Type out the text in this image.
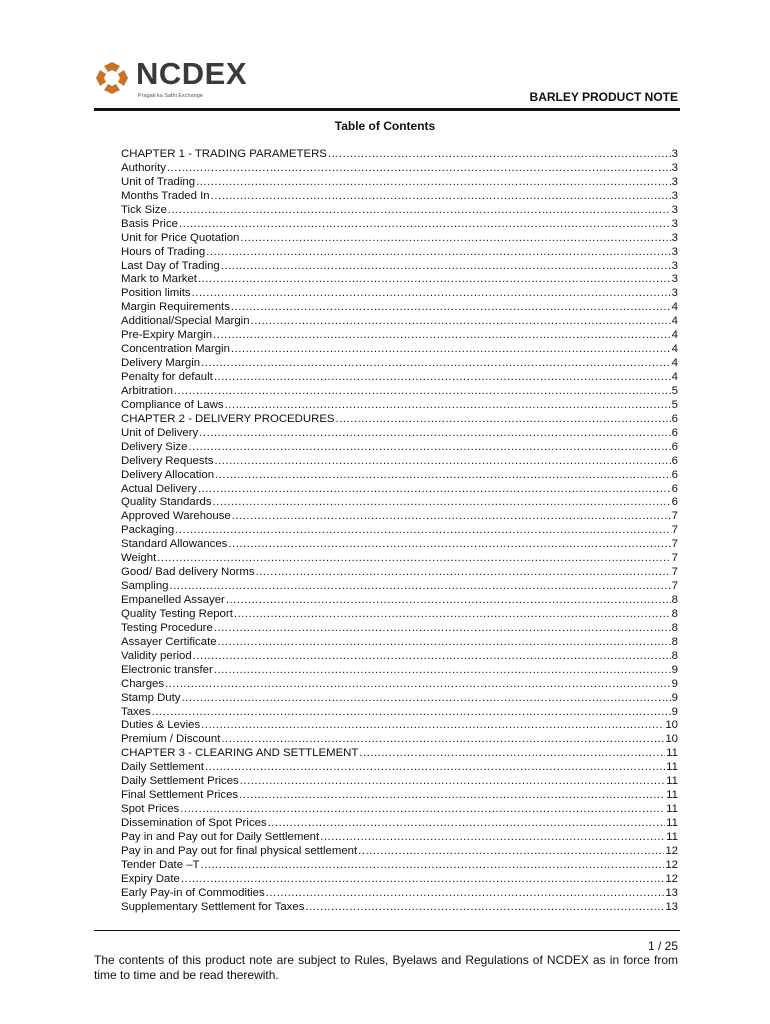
NCDEX
Pragati ka Sathi Exchange	BARLEY PRODUCT NOTE
Table of Contents
CHAPTER 1 - TRADING PARAMETERS .....	3
Authority .....	3
Unit of Trading .....	3
Months Traded In .....	3
Tick Size .....	3
Basis Price .....	3
Unit for Price Quotation .....	3
Hours of Trading .....	3
Last Day of Trading .....	3
Mark to Market .....	3
Position limits .....	3
Margin Requirements .....	4
Additional/Special Margin .....	4
Pre-Expiry Margin .....	4
Concentration Margin .....	4
Delivery Margin .....	4
Penalty for default .....	4
Arbitration .....	5
Compliance of Laws .....	5
CHAPTER 2 - DELIVERY PROCEDURES .....	6
Unit of Delivery .....	6
Delivery Size .....	6
Delivery Requests .....	6
Delivery Allocation .....	6
Actual Delivery .....	6
Quality Standards .....	6
Approved Warehouse .....	7
Packaging .....	7
Standard Allowances .....	7
Weight .....	7
Good/ Bad delivery Norms .....	7
Sampling .....	7
Empanelled Assayer .....	8
Quality Testing Report .....	8
Testing Procedure .....	8
Assayer Certificate .....	8
Validity period .....	8
Electronic transfer .....	9
Charges .....	9
Stamp Duty .....	9
Taxes .....	9
Duties & Levies .....	10
Premium / Discount .....	10
CHAPTER 3 - CLEARING AND SETTLEMENT .....	11
Daily Settlement .....	11
Daily Settlement Prices .....	11
Final Settlement Prices .....	11
Spot Prices .....	11
Dissemination of Spot Prices .....	11
Pay in and Pay out for Daily Settlement .....	11
Pay in and Pay out for final physical settlement .....	12
Tender Date –T .....	12
Expiry Date .....	12
Early Pay-in of Commodities .....	13
Supplementary Settlement for Taxes .....	13
1 / 25
The contents of this product note are subject to Rules, Byelaws and Regulations of NCDEX as in force from time to time and be read therewith.
